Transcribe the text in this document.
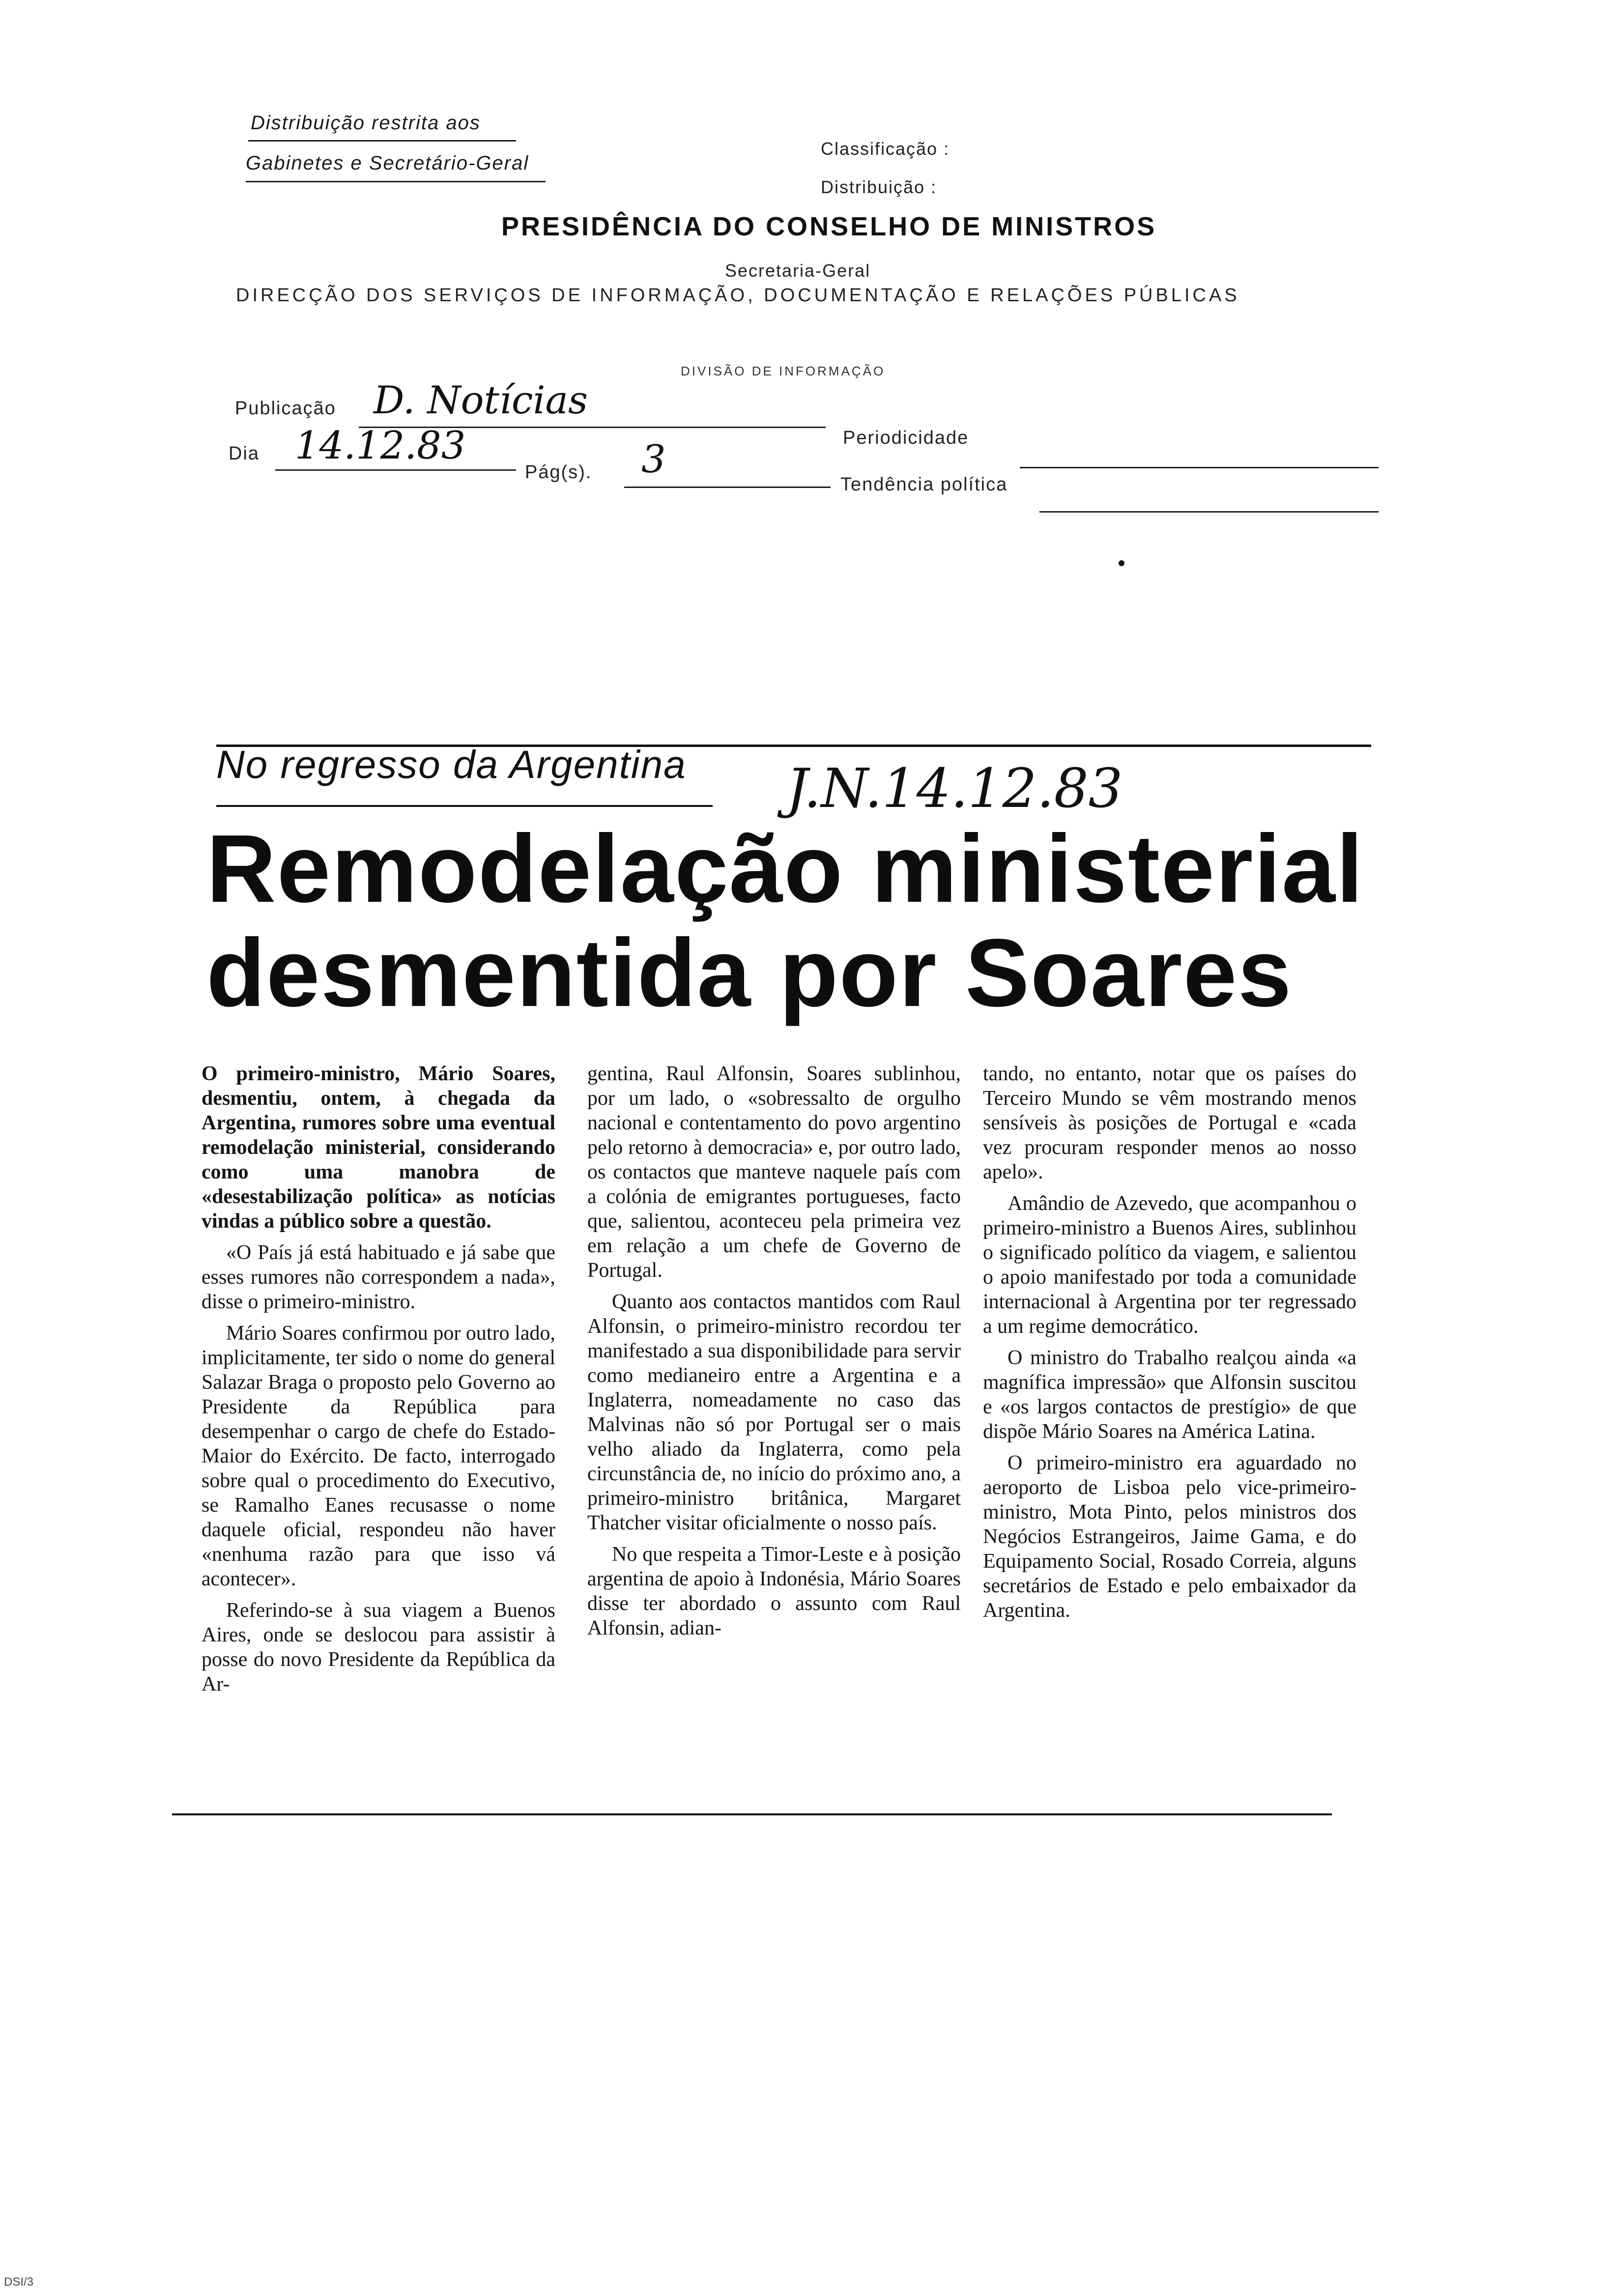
Distribuição restrita aos
Gabinetes e Secretário-Geral
Classificação :
Distribuição :
PRESIDÊNCIA DO CONSELHO DE MINISTROS
Secretaria-Geral
DIRECÇÃO DOS SERVIÇOS DE INFORMAÇÃO, DOCUMENTAÇÃO E RELAÇÕES PÚBLICAS
DIVISÃO DE INFORMAÇÃO
Publicação D. Notícias
Periodicidade
Dia 14.12.83
Pág(s). 3
Tendência política
No regresso da Argentina J.N.14.12.83
Remodelação ministerial
desmentida por Soares

O primeiro-ministro, Mário Soares, desmentiu, ontem, à chegada da Argentina, rumores sobre uma eventual remodelação ministerial, considerando como uma manobra de «desestabilização política» as notícias vindas a público sobre a questão.

«O País já está habituado e já sabe que esses rumores não correspondem a nada», disse o primeiro-ministro.

Mário Soares confirmou por outro lado, implicitamente, ter sido o nome do general Salazar Braga o proposto pelo Governo ao Presidente da República para desempenhar o cargo de chefe do Estado-Maior do Exército. De facto, interrogado sobre qual o procedimento do Executivo, se Ramalho Eanes recusasse o nome daquele oficial, respondeu não haver «nenhuma razão para que isso vá acontecer».

Referindo-se à sua viagem a Buenos Aires, onde se deslocou para assistir à posse do novo Presidente da República da Ar-

gentina, Raul Alfonsin, Soares sublinhou, por um lado, o «sobressalto de orgulho nacional e contentamento do povo argentino pelo retorno à democracia» e, por outro lado, os contactos que manteve naquele país com a colónia de emigrantes portugueses, facto que, salientou, aconteceu pela primeira vez em relação a um chefe de Governo de Portugal.

Quanto aos contactos mantidos com Raul Alfonsin, o primeiro-ministro recordou ter manifestado a sua disponibilidade para servir como medianeiro entre a Argentina e a Inglaterra, nomeadamente no caso das Malvinas não só por Portugal ser o mais velho aliado da Inglaterra, como pela circunstância de, no início do próximo ano, a primeiro-ministro britânica, Margaret Thatcher visitar oficialmente o nosso país.

No que respeita a Timor-Leste e à posição argentina de apoio à Indonésia, Mário Soares disse ter abordado o assunto com Raul Alfonsin, adian-

tando, no entanto, notar que os países do Terceiro Mundo se vêm mostrando menos sensíveis às posições de Portugal e «cada vez procuram responder menos ao nosso apelo».

Amândio de Azevedo, que acompanhou o primeiro-ministro a Buenos Aires, sublinhou o significado político da viagem, e salientou o apoio manifestado por toda a comunidade internacional à Argentina por ter regressado a um regime democrático.

O ministro do Trabalho realçou ainda «a magnífica impressão» que Alfonsin suscitou e «os largos contactos de prestígio» de que dispõe Mário Soares na América Latina.

O primeiro-ministro era aguardado no aeroporto de Lisboa pelo vice-primeiro-ministro, Mota Pinto, pelos ministros dos Negócios Estrangeiros, Jaime Gama, e do Equipamento Social, Rosado Correia, alguns secretários de Estado e pelo embaixador da Argentina.

DSI/3
